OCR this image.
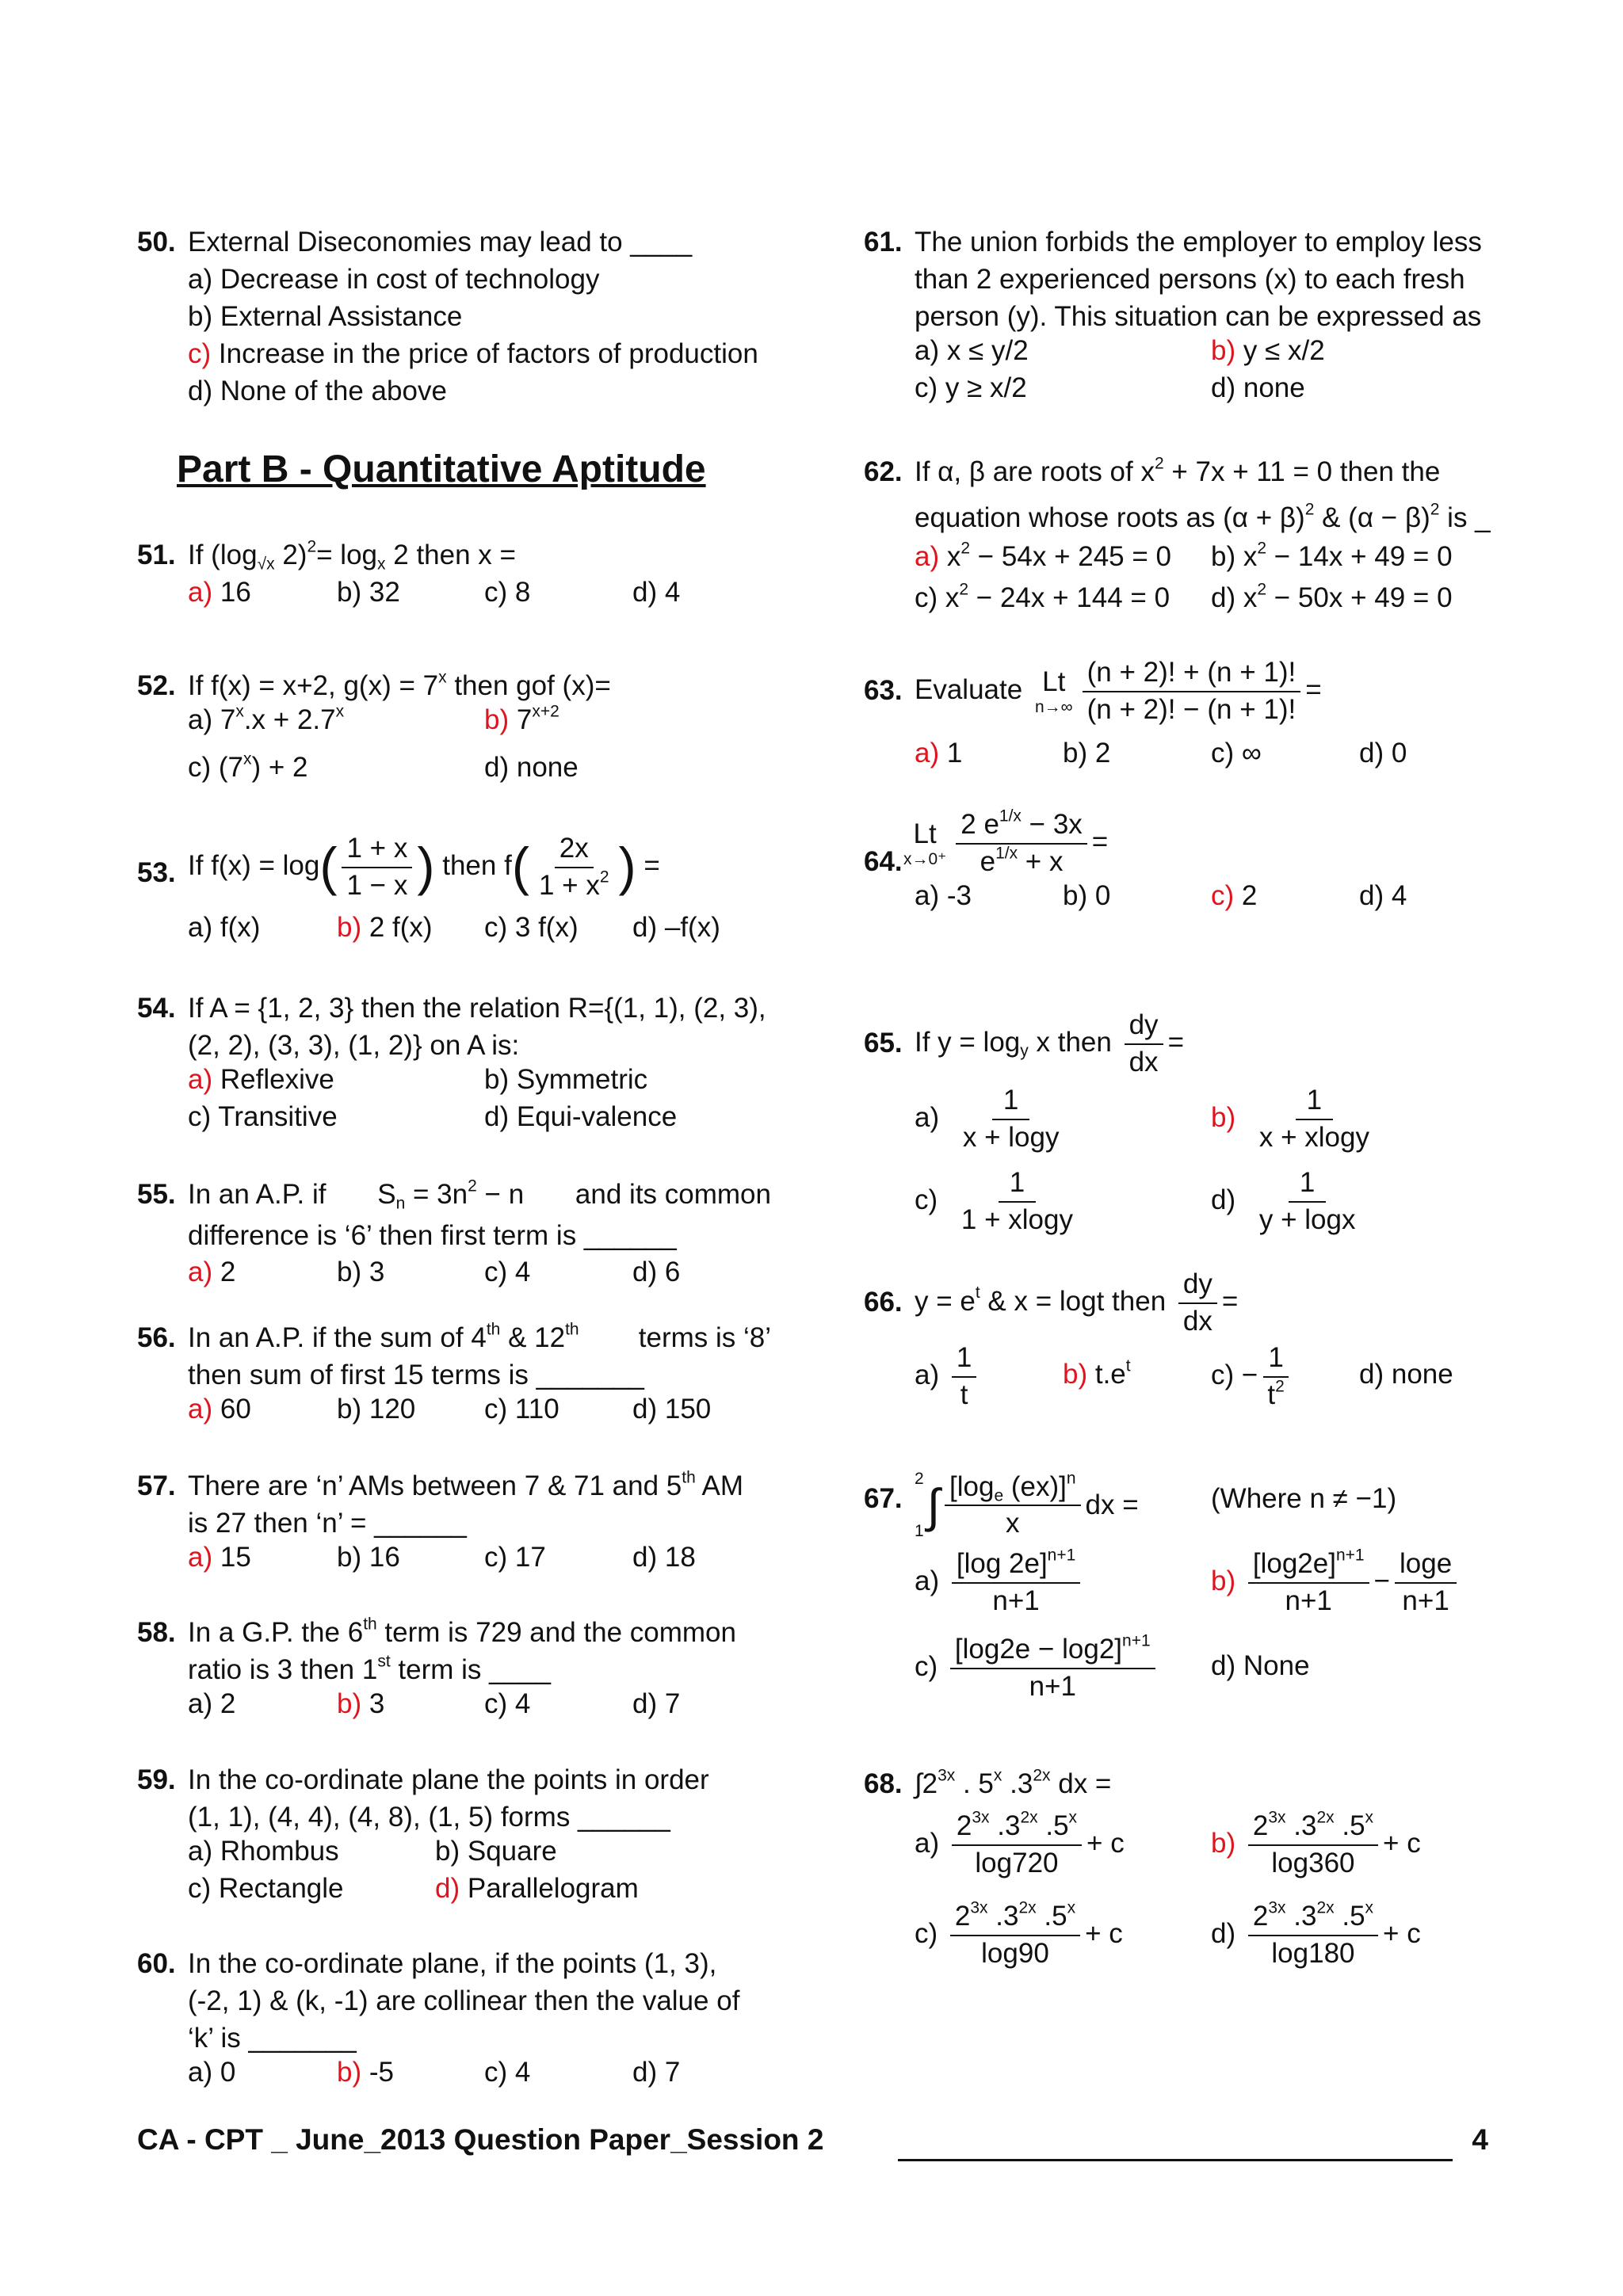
50. External Diseconomies may lead to ____
a) Decrease in cost of technology
b) External Assistance
c) Increase in the price of factors of production
d) None of the above
51. If ($\log_{√x}$ $2)^2= \log_x 2$ then x =
a) 16	b) 32	c) 8	d) 4
52. If f(x) = x+2, $g(x) = 7^x$ then gof (x)=
a) $7^x.x + 2.7^x$	b) $7^{x+2}$
c) $(7^x) + 2$	d) none
53. If $f(x) = \log( \frac{1 + x}{1 - x}$ ) then $f( \frac{2x}{1 + x^2}$ ) =
a) f(x)	b) 2 f(x) c) 3 f(x) d) –f(x)
54. If A = {1, 2, 3} then the relation R={(1, 1), (2, 3),
(2, 2), (3, 3), (1, 2)} on A is:
a) Reflexive	b) Symmetric
c) Transitive	d) Equi-valence
55. In an A.P. if $S_n = 3n^2 - n$ and its common
difference is ‘6’ then first term is ______
a) 2	b) 3	c) 4	d) 6
56. In an A.P. if the sum of 4th & 12th terms is ‘8’
then sum of first 15 terms is _______
a) 60	b) 120 c) 110	d) 150
57. There are ‘n’ AMs between 7 & 71 and 5th AM
is 27 then ‘n’ = ______
a) 15	b) 16	c) 17	d) 18
58. In a G.P. the 6th term is 729 and the common
ratio is 3 then 1st term is ____
a) 2	b) 3	c) 4	d) 7
59. In the co-ordinate plane the points in order
(1, 1), (4, 4), (4, 8), (1, 5) forms ______
a) Rhombus	b) Square
c) Rectangle	d) Parallelogram
60. In the co-ordinate plane, if the points (1, 3),
(-2, 1) & (k, -1) are collinear then the value of
‘k’ is _______
a) 0	b) -5	c) 4	d) 7
Part B - Quantitative Aptitude
61. The union forbids the employer to employ less
than 2 experienced persons (x) to each fresh
person (y). This situation can be expressed as
a) x ≤ y/2	b) y ≤ x/2
c) y ≥ x/2	d) none
62. If α, β are roots of $x^2 + 7x + 11 = 0$ then the
equation whose roots as $(\alpha + \beta)^2$ & $(\alpha - \beta)^2$ is _
a) $x^2 - 54x + 245 = 0$ b) $x^2 - 14x + 49 = 0$
c) $x^2 - 24x + 144 = 0$ d) $x^2 - 50x + 49 = 0$
63. Evaluate Lt
$n\to\infty \frac{(n + 2)! + (n + 1)!}{(n + 2)! - (n + 1)!}$ =
a) 1	b) 2	c) ∞	d) 0
64.
Lt
$x\to 0^+ \frac{2 e^{1/x} - 3x}{e^{1/x} + x}$ =
a) -3	b) 0	c) 2	d) 4
65. If $y = \log_y x$ then $\frac{dy}{dx}$ =
$a) \frac{1}{x + \log y}$	$b) \frac{1}{x + xlogy}$
$c) \frac{1}{1 + xlogy}$	$d) \frac{1}{y + \log x}$
66. $y = e^t$ & x = logt then $\frac{dy}{dx}$ =
$a) \frac{1}{t}$	b) $t.e^t$	$c) - \frac{1}{t^2}$	d) none
67.
2
1 ∫ $\frac{[\log_e (ex)]^n}{x}$ dx =	(Where n ≠ −1)
$a) \frac{[\log 2e]^{n+1}}{n+1}$	$b) \frac{[\log 2e]^{n+1}}{n+1} - \frac{\log e}{n+1}$
$c) \frac{[\log 2e - \log 2]^{n+1}}{n+1} d$) None
68. $\int 2^{3x}$ . 5$^x$ $.3^{2x}$ dx =
$a) \frac{2^{3x} .3^{2x} .5^x}{\log 720} + c$	$b) \frac{2^{3x} .3^{2x} .5^x}{\log 360} + c$
$c) \frac{2^{3x} .3^{2x} .5^x}{\log 90} + c$	$d) \frac{2^{3x} .3^{2x} .5^x}{\log 180} + c$
CA - CPT _ June_2013 Question Paper_Session 2	4
